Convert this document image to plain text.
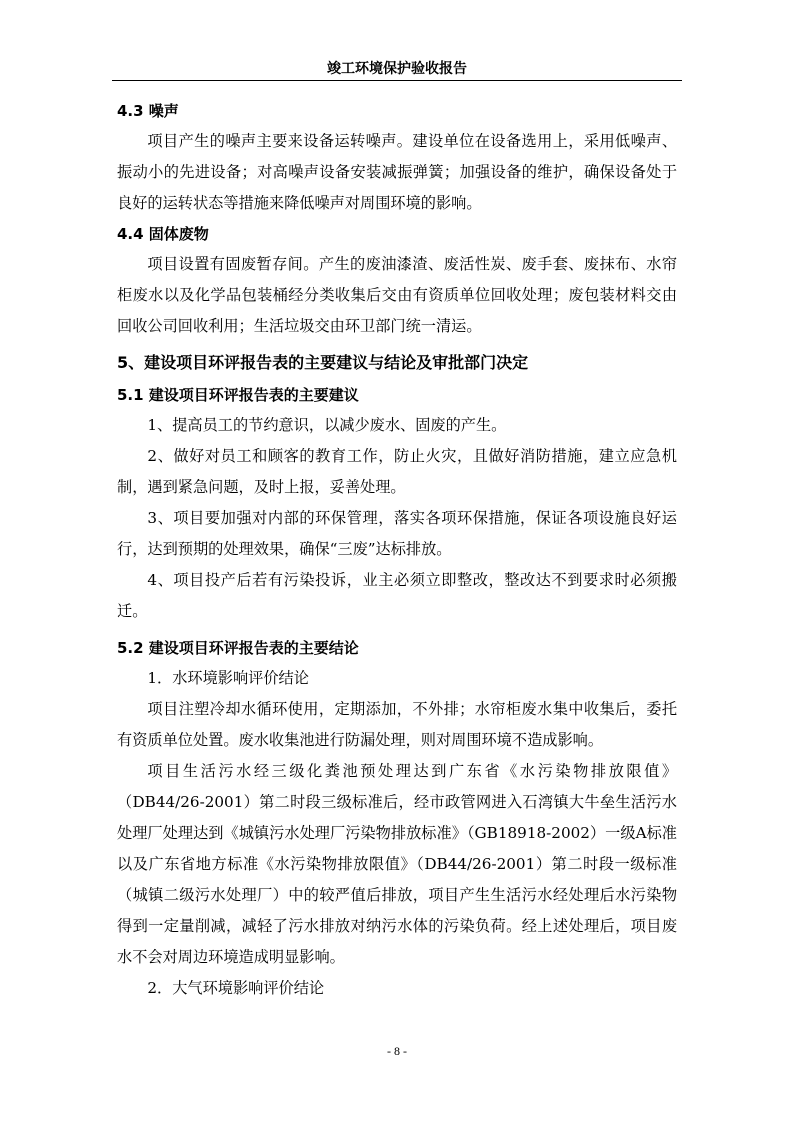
竣工环境保护验收报告

4.3 噪声

项目产生的噪声主要来设备运转噪声。建设单位在设备选用上，采用低噪声、振动小的先进设备；对高噪声设备安装减振弹簧；加强设备的维护，确保设备处于良好的运转状态等措施来降低噪声对周围环境的影响。

4.4 固体废物

项目设置有固废暂存间。产生的废油漆渣、废活性炭、废手套、废抹布、水帘柜废水以及化学品包装桶经分类收集后交由有资质单位回收处理；废包装材料交由回收公司回收利用；生活垃圾交由环卫部门统一清运。

5、建设项目环评报告表的主要建议与结论及审批部门决定

5.1 建设项目环评报告表的主要建议

1、提高员工的节约意识，以减少废水、固废的产生。

2、做好对员工和顾客的教育工作，防止火灾，且做好消防措施，建立应急机制，遇到紧急问题，及时上报，妥善处理。

3、项目要加强对内部的环保管理，落实各项环保措施，保证各项设施良好运行，达到预期的处理效果，确保“三废”达标排放。

4、项目投产后若有污染投诉，业主必须立即整改，整改达不到要求时必须搬迁。

5.2 建设项目环评报告表的主要结论

1．水环境影响评价结论

项目注塑冷却水循环使用，定期添加，不外排；水帘柜废水集中收集后，委托有资质单位处置。废水收集池进行防漏处理，则对周围环境不造成影响。

项目生活污水经三级化粪池预处理达到广东省《水污染物排放限值》（DB44/26-2001）第二时段三级标准后，经市政管网进入石湾镇大牛垒生活污水处理厂处理达到《城镇污水处理厂污染物排放标准》（GB18918-2002）一级A标准以及广东省地方标准《水污染物排放限值》（DB44/26-2001）第二时段一级标准（城镇二级污水处理厂）中的较严值后排放，项目产生生活污水经处理后水污染物得到一定量削减，减轻了污水排放对纳污水体的污染负荷。经上述处理后，项目废水不会对周边环境造成明显影响。

2．大气环境影响评价结论

- 8 -
